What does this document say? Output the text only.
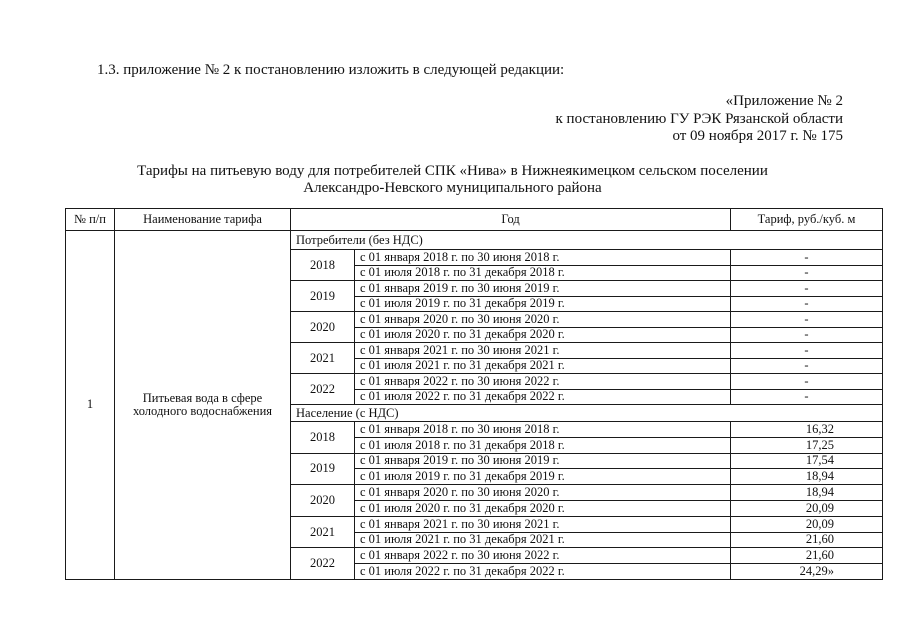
1.3. приложение № 2 к постановлению изложить в следующей редакции:
«Приложение № 2
к постановлению ГУ РЭК Рязанской области
от 09 ноября 2017 г. № 175
Тарифы на питьевую воду для потребителей СПК «Нива» в Нижнеякимецком сельском поселении
Александро-Невского муниципального района
№ п/п	Наименование тарифа	Год		Тариф, руб./куб. м
1	Питьевая вода в сфере холодного водоснабжения	Потребители (без НДС)		
		2018	с 01 января 2018 г. по 30 июня 2018 г.	-
			с 01 июля 2018 г. по 31 декабря 2018 г.	-
		2019	с 01 января 2019 г. по 30 июня 2019 г.	-
			с 01 июля 2019 г. по 31 декабря 2019 г.	-
		2020	с 01 января 2020 г. по 30 июня 2020 г.	-
			с 01 июля 2020 г. по 31 декабря 2020 г.	-
		2021	с 01 января 2021 г. по 30 июня 2021 г.	-
			с 01 июля 2021 г. по 31 декабря 2021 г.	-
		2022	с 01 января 2022 г. по 30 июня 2022 г.	-
			с 01 июля 2022 г. по 31 декабря 2022 г.	-
		Население (с НДС)		
		2018	с 01 января 2018 г. по 30 июня 2018 г.	16,32
			с 01 июля 2018 г. по 31 декабря 2018 г.	17,25
		2019	с 01 января 2019 г. по 30 июня 2019 г.	17,54
			с 01 июля 2019 г. по 31 декабря 2019 г.	18,94
		2020	с 01 января 2020 г. по 30 июня 2020 г.	18,94
			с 01 июля 2020 г. по 31 декабря 2020 г.	20,09
		2021	с 01 января 2021 г. по 30 июня 2021 г.	20,09
			с 01 июля 2021 г. по 31 декабря 2021 г.	21,60
		2022	с 01 января 2022 г. по 30 июня 2022 г.	21,60
			с 01 июля 2022 г. по 31 декабря 2022 г.	24,29»
